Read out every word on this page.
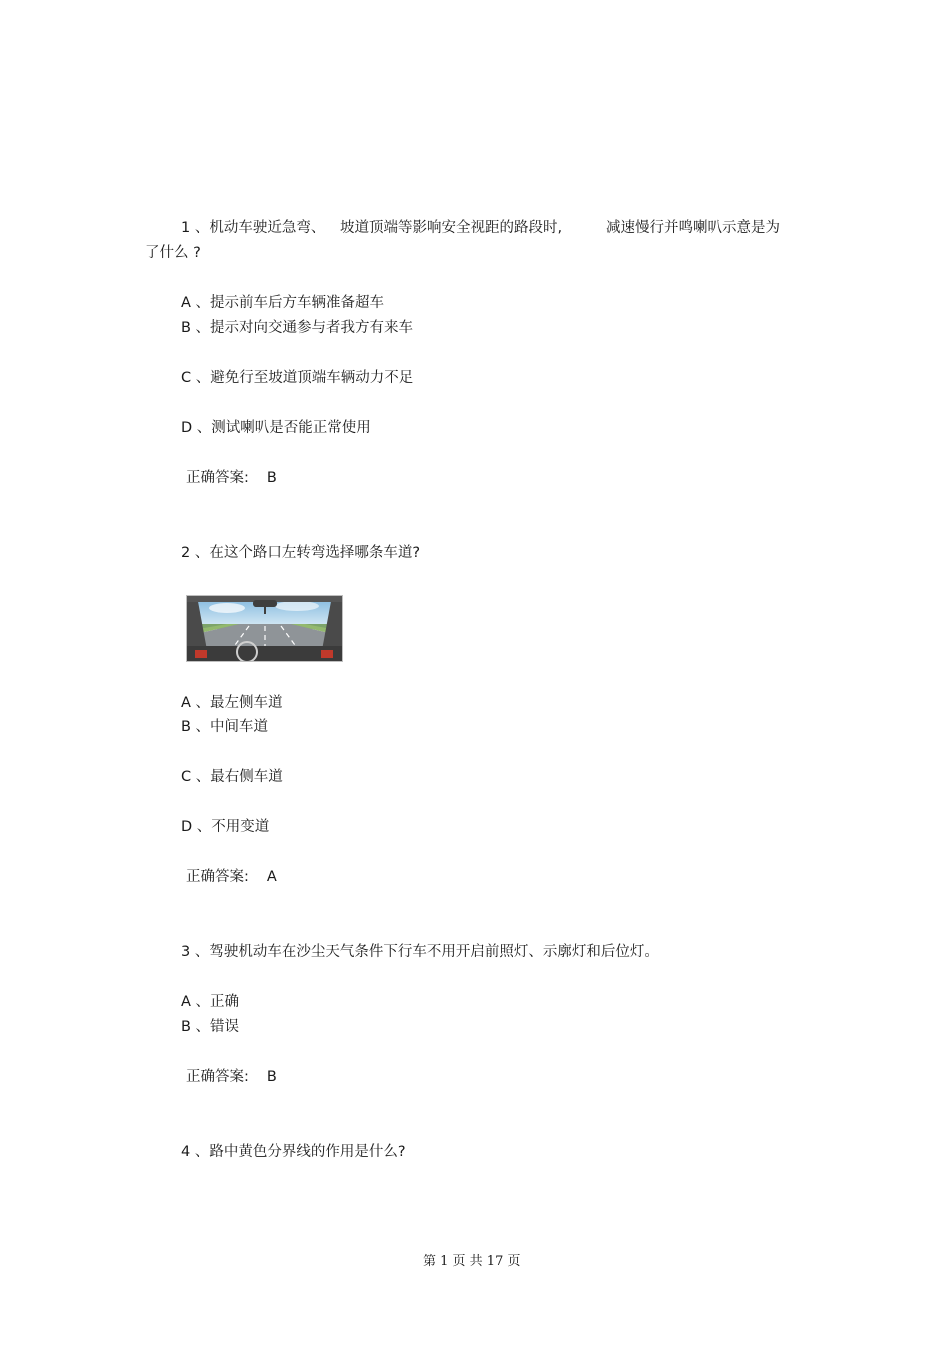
1 、机动车驶近急弯、 坡道顶端等影响安全视距的路段时,	减速慢行并鸣喇叭示意是为
了什么 ?
A 、提示前车后方车辆准备超车
B 、提示对向交通参与者我方有来车
C 、避免行至坡道顶端车辆动力不足
D 、测试喇叭是否能正常使用
正确答案: B
2 、在这个路口左转弯选择哪条车道?
A 、最左侧车道
B 、中间车道
C 、最右侧车道
D 、不用变道
正确答案: A
3 、驾驶机动车在沙尘天气条件下行车不用开启前照灯、示廓灯和后位灯。
A 、正确
B 、错误
正确答案: B
4 、路中黄色分界线的作用是什么?
第 1 页 共 17 页
